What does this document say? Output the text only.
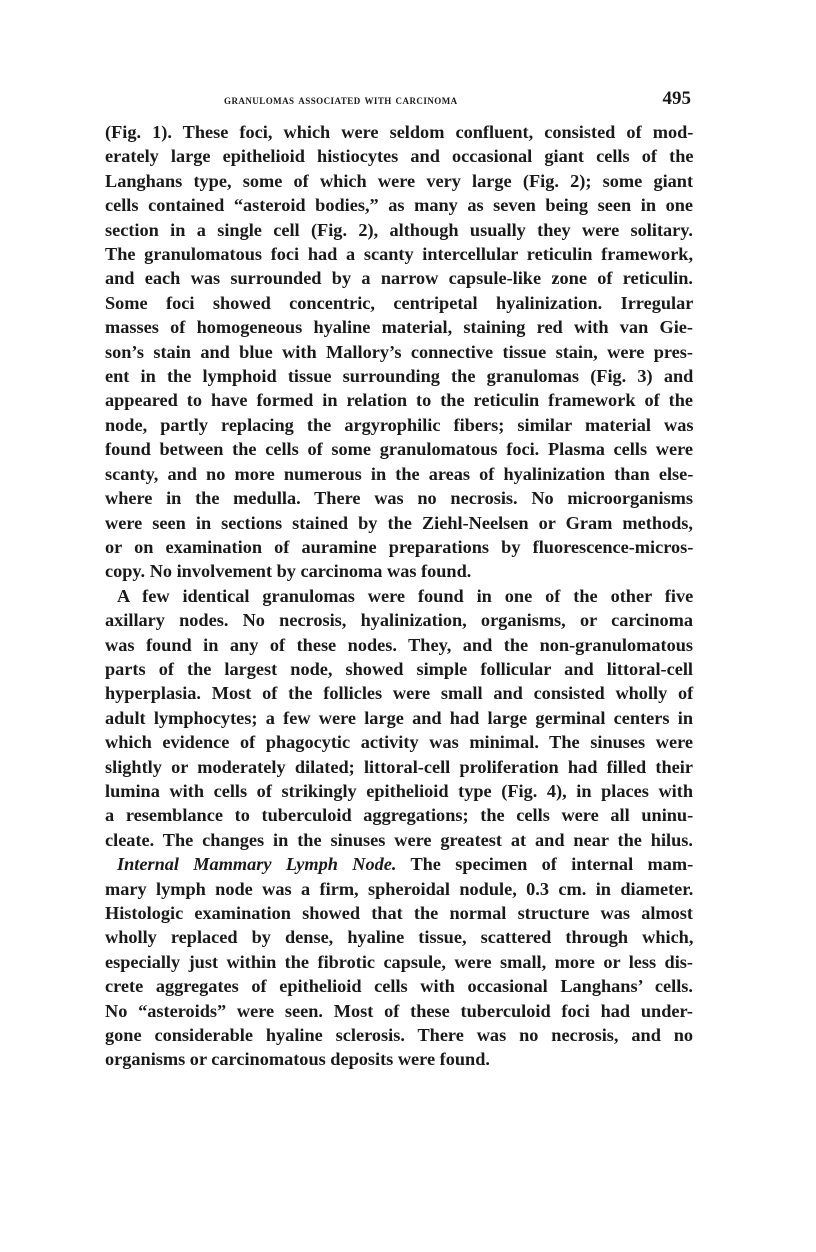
granulomas associated with carcinoma	495

(Fig. 1). These foci, which were seldom confluent, consisted of mod-
erately large epithelioid histiocytes and occasional giant cells of the
Langhans type, some of which were very large (Fig. 2); some giant
cells contained “asteroid bodies,” as many as seven being seen in one
section in a single cell (Fig. 2), although usually they were solitary.
The granulomatous foci had a scanty intercellular reticulin framework,
and each was surrounded by a narrow capsule-like zone of reticulin.
Some foci showed concentric, centripetal hyalinization. Irregular
masses of homogeneous hyaline material, staining red with van Gie-
son’s stain and blue with Mallory’s connective tissue stain, were pres-
ent in the lymphoid tissue surrounding the granulomas (Fig. 3) and
appeared to have formed in relation to the reticulin framework of the
node, partly replacing the argyrophilic fibers; similar material was
found between the cells of some granulomatous foci. Plasma cells were
scanty, and no more numerous in the areas of hyalinization than else-
where in the medulla. There was no necrosis. No microorganisms
were seen in sections stained by the Ziehl-Neelsen or Gram methods,
or on examination of auramine preparations by fluorescence-micros-
copy. No involvement by carcinoma was found.

A few identical granulomas were found in one of the other five
axillary nodes. No necrosis, hyalinization, organisms, or carcinoma
was found in any of these nodes. They, and the non-granulomatous
parts of the largest node, showed simple follicular and littoral-cell
hyperplasia. Most of the follicles were small and consisted wholly of
adult lymphocytes; a few were large and had large germinal centers in
which evidence of phagocytic activity was minimal. The sinuses were
slightly or moderately dilated; littoral-cell proliferation had filled their
lumina with cells of strikingly epithelioid type (Fig. 4), in places with
a resemblance to tuberculoid aggregations; the cells were all uninu-
cleate. The changes in the sinuses were greatest at and near the hilus.

Internal Mammary Lymph Node. The specimen of internal mam-
mary lymph node was a firm, spheroidal nodule, 0.3 cm. in diameter.
Histologic examination showed that the normal structure was almost
wholly replaced by dense, hyaline tissue, scattered through which,
especially just within the fibrotic capsule, were small, more or less dis-
crete aggregates of epithelioid cells with occasional Langhans’ cells.
No “asteroids” were seen. Most of these tuberculoid foci had under-
gone considerable hyaline sclerosis. There was no necrosis, and no
organisms or carcinomatous deposits were found.
